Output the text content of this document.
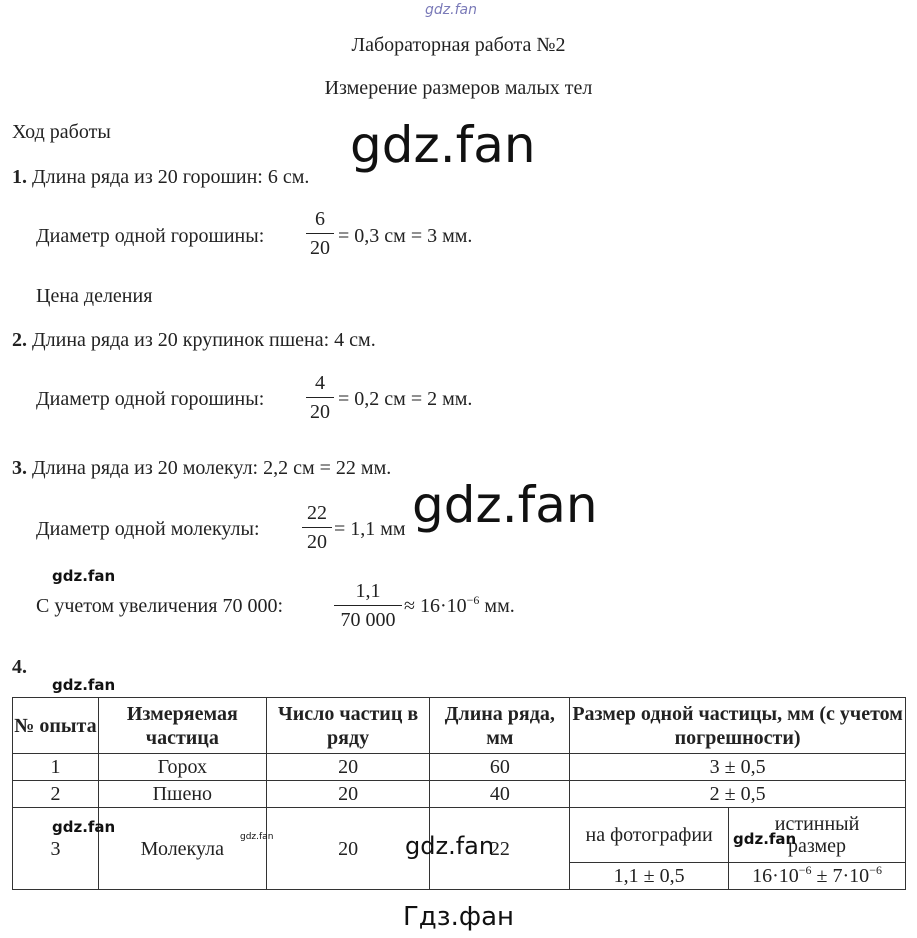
gdz.fan
gdz.fan
gdz.fan
gdz.fan
gdz.fan
Лабораторная работа №2
Измерение размеров малых тел
Ход работы
1. Длина ряда из 20 горошин: 6 см.
Диаметр одной горошины:
6
20
= 0,3 см = 3 мм.
Цена деления
2. Длина ряда из 20 крупинок пшена: 4 см.
Диаметр одной горошины:
4
20
= 0,2 см = 2 мм.
3. Длина ряда из 20 молекул: 2,2 см = 22 мм.
Диаметр одной молекулы:
22
20
= 1,1 мм
С учетом увеличения 70 000:
1,1
70 000
≈ $16\cdot 10^{-6}$ мм.
4.
№ опыта	Измеряемая частица	Число частиц в ряду	Длина ряда, мм	Размер одной частицы, мм (с учетом погрешности)	
1	Горох	20	60	3 ± 0,5	
2	Пшено	20	40	2 ± 0,5	
3	Молекула	20	22	на фотографии	истинный размер
				1,1 ± 0,5	$16\cdot 10^{-6} \pm 7\cdot 10^{-6}$
gdz.fan
gdz.fan	gdz.fan	gdz.fan
Гдз.фан
